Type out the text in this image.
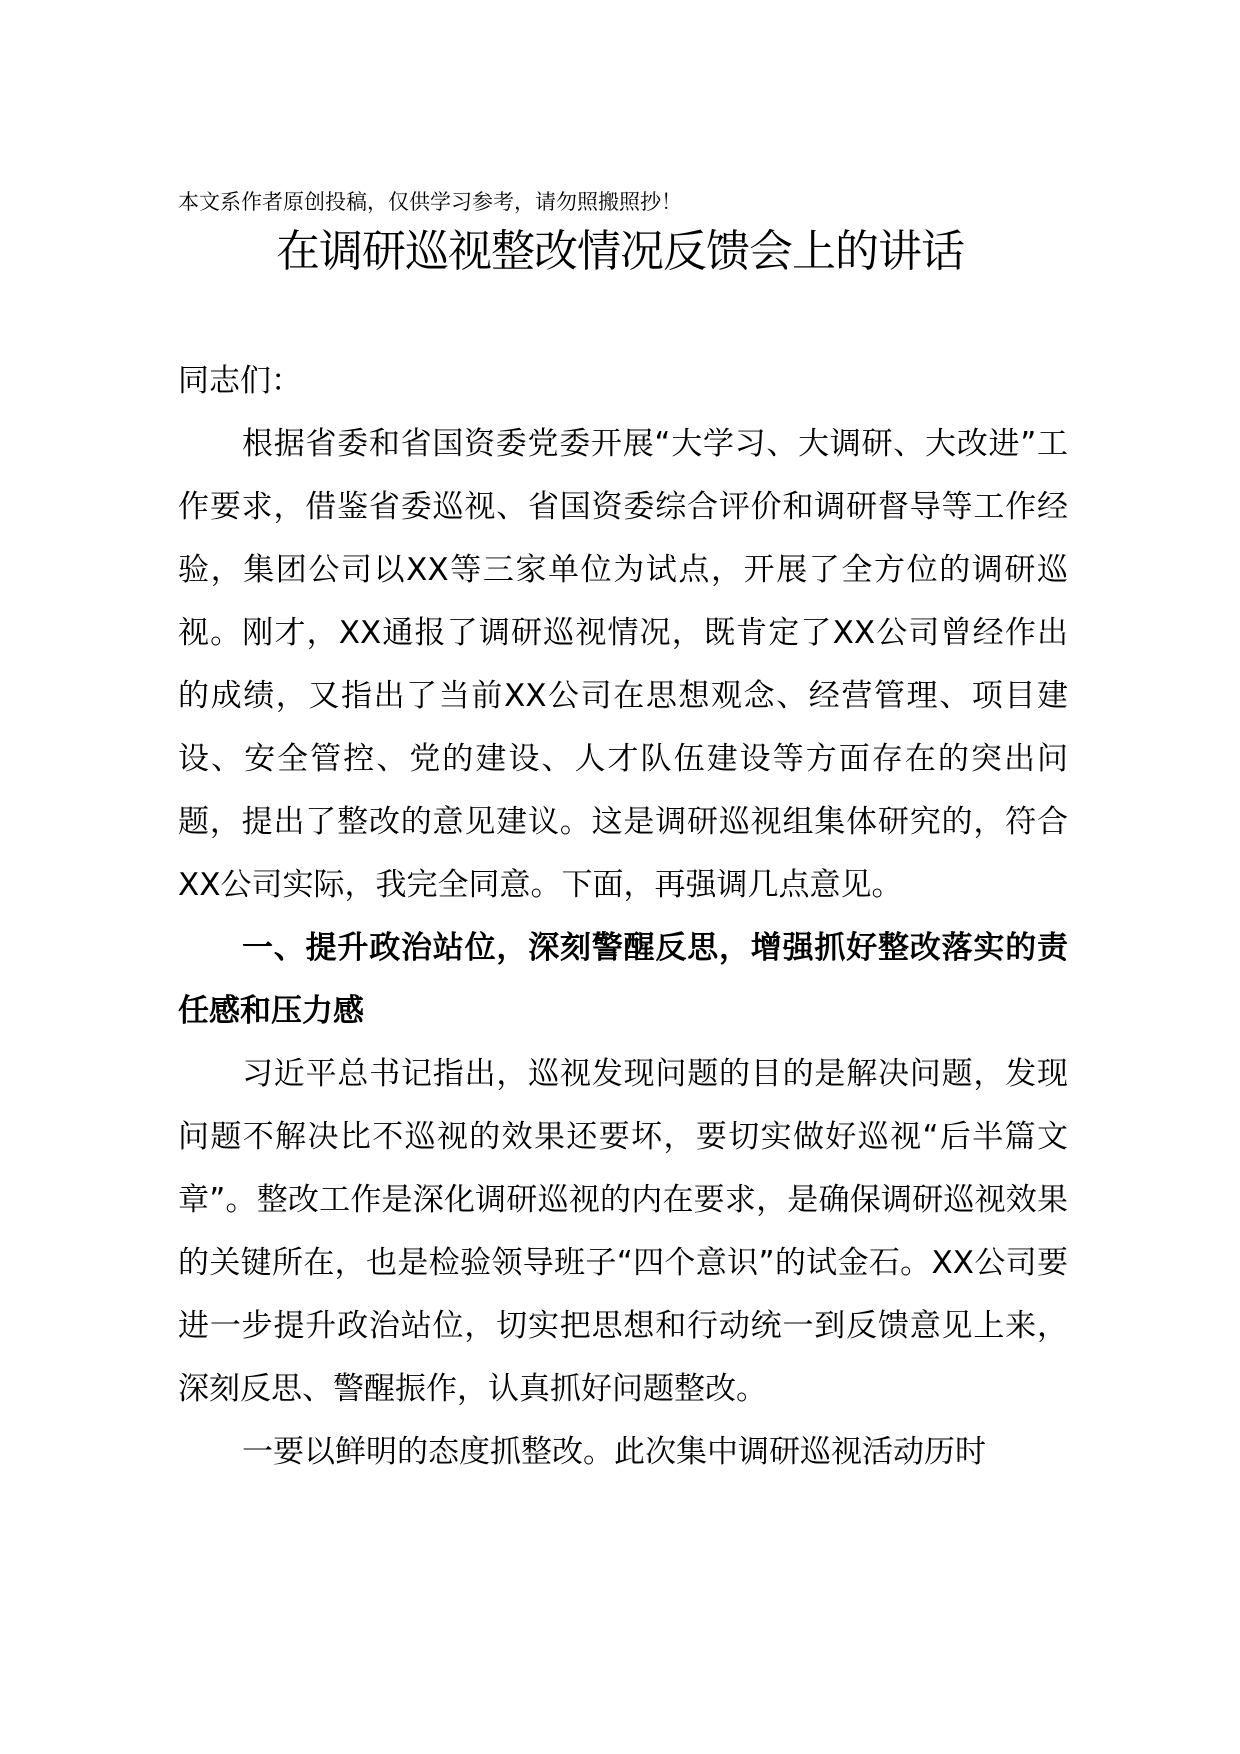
本文系作者原创投稿，仅供学习参考，请勿照搬照抄！
在调研巡视整改情况反馈会上的讲话

同志们：

根据省委和省国资委党委开展“大学习、大调研、大改进”工作要求，借鉴省委巡视、省国资委综合评价和调研督导等工作经验，集团公司以XX等三家单位为试点，开展了全方位的调研巡视。刚才，XX通报了调研巡视情况，既肯定了XX公司曾经作出的成绩，又指出了当前XX公司在思想观念、经营管理、项目建设、安全管控、党的建设、人才队伍建设等方面存在的突出问题，提出了整改的意见建议。这是调研巡视组集体研究的，符合XX公司实际，我完全同意。下面，再强调几点意见。

一、提升政治站位，深刻警醒反思，增强抓好整改落实的责任感和压力感

习近平总书记指出，巡视发现问题的目的是解决问题，发现问题不解决比不巡视的效果还要坏，要切实做好巡视“后半篇文章”。整改工作是深化调研巡视的内在要求，是确保调研巡视效果的关键所在，也是检验领导班子“四个意识”的试金石。XX公司要进一步提升政治站位，切实把思想和行动统一到反馈意见上来，深刻反思、警醒振作，认真抓好问题整改。

一要以鲜明的态度抓整改。此次集中调研巡视活动历时
